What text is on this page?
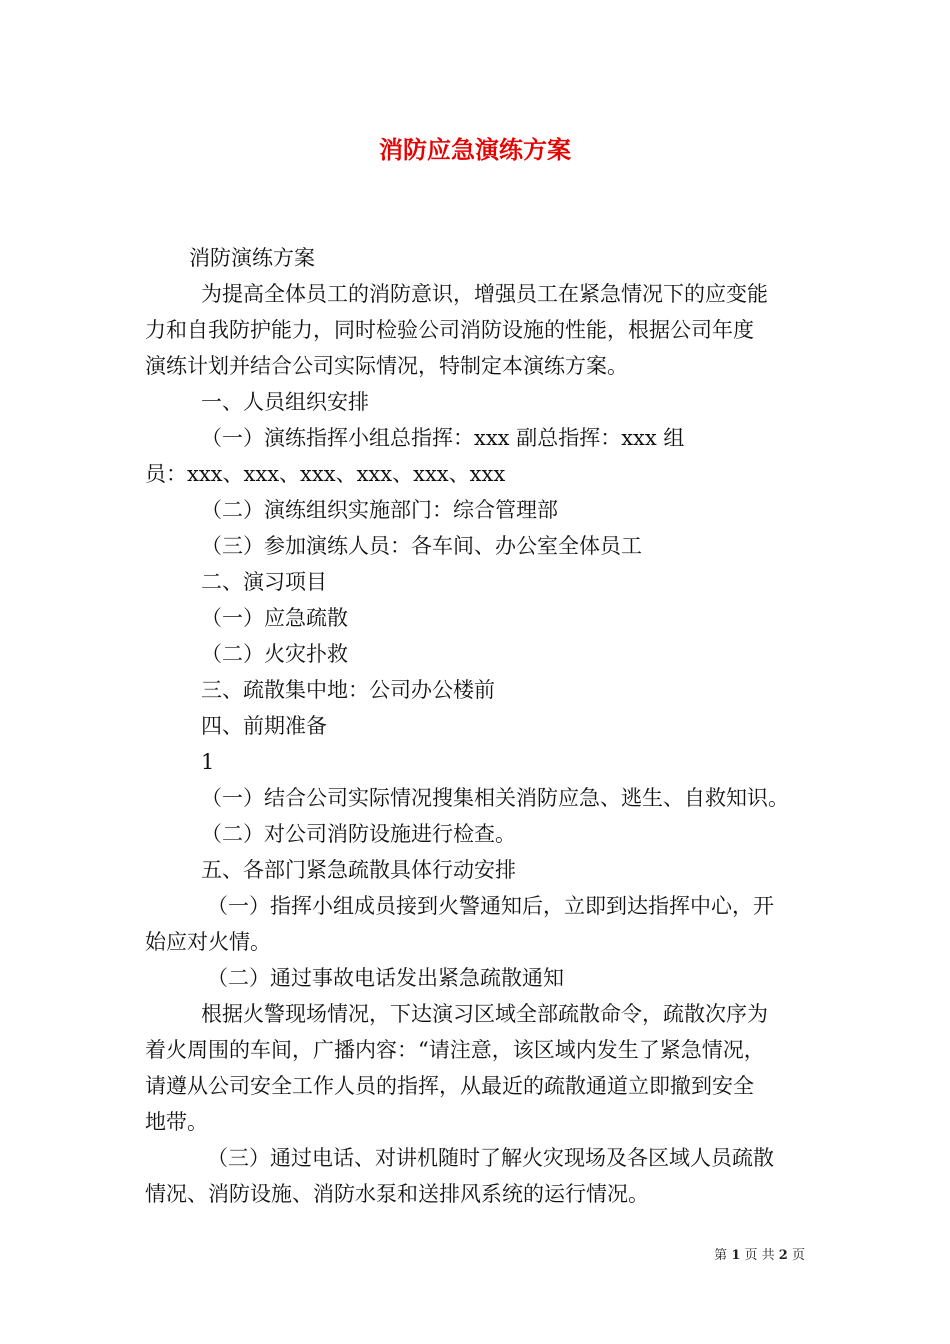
消防应急演练方案

消防演练方案

为提高全体员工的消防意识，增强员工在紧急情况下的应变能

力和自我防护能力，同时检验公司消防设施的性能，根据公司年度

演练计划并结合公司实际情况，特制定本演练方案。

一、人员组织安排

（一）演练指挥小组总指挥：xxx 副总指挥：xxx 组

员：xxx、xxx、xxx、xxx、xxx、xxx

（二）演练组织实施部门：综合管理部

（三）参加演练人员：各车间、办公室全体员工

二、演习项目

（一）应急疏散

（二）火灾扑救

三、疏散集中地：公司办公楼前

四、前期准备

1

（一）结合公司实际情况搜集相关消防应急、逃生、自救知识。

（二）对公司消防设施进行检查。

五、各部门紧急疏散具体行动安排

（一）指挥小组成员接到火警通知后，立即到达指挥中心，开

始应对火情。

（二）通过事故电话发出紧急疏散通知

根据火警现场情况，下达演习区域全部疏散命令，疏散次序为

着火周围的车间，广播内容：“请注意，该区域内发生了紧急情况，

请遵从公司安全工作人员的指挥，从最近的疏散通道立即撤到安全

地带。

（三）通过电话、对讲机随时了解火灾现场及各区域人员疏散

情况、消防设施、消防水泵和送排风系统的运行情况。

第 1 页 共 2 页
